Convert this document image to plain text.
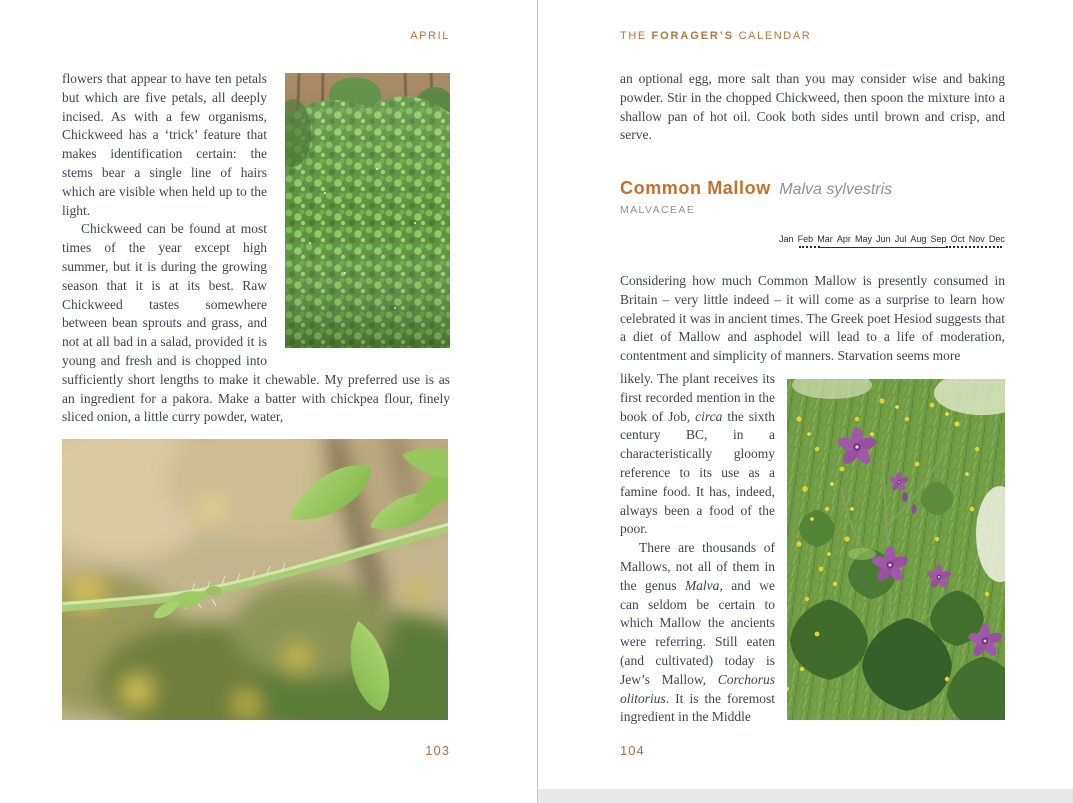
APRIL

flowers that appear to have ten petals but which are five petals, all deeply incised. As with a few organisms, Chickweed has a ‘trick’ feature that makes identification certain: the stems bear a single line of hairs which are visible when held up to the light.

Chickweed can be found at most times of the year except high summer, but it is during the growing season that it is at its best. Raw Chickweed tastes somewhere between bean sprouts and grass, and not at all bad in a salad, provided it is young and fresh and is chopped into sufficiently short lengths to make it chewable. My preferred use is as an ingredient for a pakora. Make a batter with chickpea flour, finely sliced onion, a little curry powder, water,

103
THE FORAGER’S CALENDAR

an optional egg, more salt than you may consider wise and baking powder. Stir in the chopped Chickweed, then spoon the mixture into a shallow pan of hot oil. Cook both sides until brown and crisp, and serve.

Common Mallow Malva sylvestris
MALVACEAE
Jan Feb Mar Apr May Jun Jul Aug Sep Oct Nov Dec

Considering how much Common Mallow is presently consumed in Britain – very little indeed – it will come as a surprise to learn how celebrated it was in ancient times. The Greek poet Hesiod suggests that a diet of Mallow and asphodel will lead to a life of moderation, contentment and simplicity of manners. Starvation seems more

likely. The plant receives its first recorded mention in the book of Job, circa the sixth century BC, in a characteristically gloomy reference to its use as a famine food. It has, indeed, always been a food of the poor.

There are thousands of Mallows, not all of them in the genus Malva, and we can seldom be certain to which Mallow the ancients were referring. Still eaten (and cultivated) today is Jew’s Mallow, Corchorus olitorius. It is the foremost ingredient in the Middle

104
